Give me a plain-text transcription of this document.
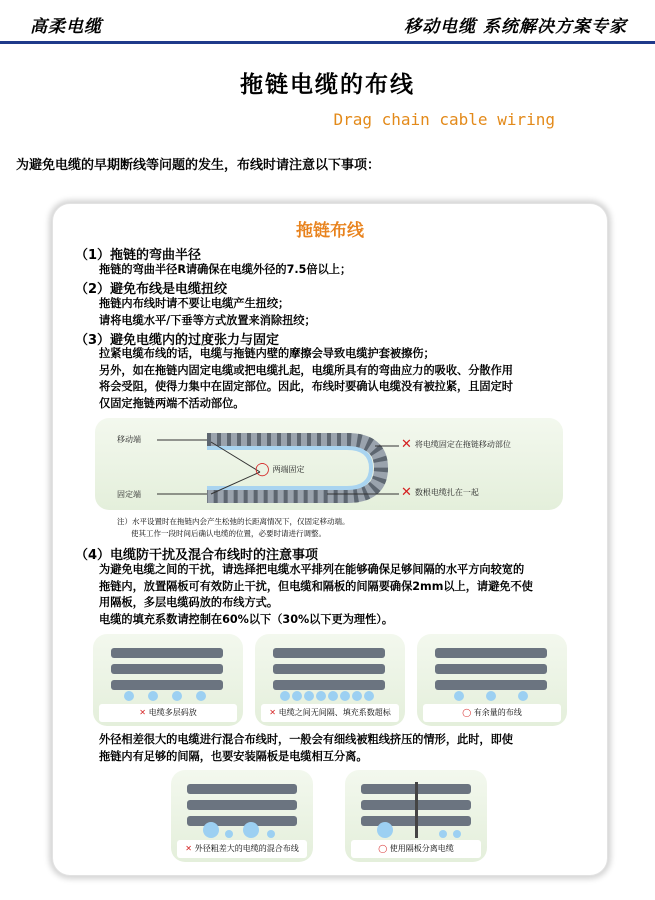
高柔电缆	移动电缆 系统解决方案专家
拖链电缆的布线
Drag chain cable wiring
为避免电缆的早期断线等问题的发生，布线时请注意以下事项：
拖链布线
（1）拖链的弯曲半径
拖链的弯曲半径R请确保在电缆外径的7.5倍以上；
（2）避免布线是电缆扭绞
拖链内布线时请不要让电缆产生扭绞；
请将电缆水平/下垂等方式放置来消除扭绞；
（3）避免电缆内的过度张力与固定
拉紧电缆布线的话，电缆与拖链内壁的摩擦会导致电缆护套被擦伤；
另外，如在拖链内固定电缆或把电缆扎起，电缆所具有的弯曲应力的吸收、分散作用
将会受阻，使得力集中在固定部位。因此，布线时要确认电缆没有被拉紧，且固定时
仅固定拖链两端不活动部位。
移动端
固定端
◯ 两端固定
✕ 将电缆固定在拖链移动部位
✕ 数根电缆扎在一起
注）水平设置时在拖链内会产生松弛的长距离情况下，仅固定移动端。
使其工作一段时间后确认电缆的位置，必要时请进行调整。
（4）电缆防干扰及混合布线时的注意事项
为避免电缆之间的干扰，请选择把电缆水平排列在能够确保足够间隔的水平方向较宽的
拖链内，放置隔板可有效防止干扰，但电缆和隔板的间隔要确保2mm以上，请避免不使
用隔板，多层电缆码放的布线方式。
电缆的填充系数请控制在60%以下（30%以下更为理性）。
✕ 电缆多层码放	✕ 电缆之间无间隔、填充系数超标	◯ 有余量的布线
外径相差很大的电缆进行混合布线时，一般会有细线被粗线挤压的情形，此时，即使
拖链内有足够的间隔，也要安装隔板是电缆相互分离。
✕ 外径粗差大的电缆的混合布线	◯ 使用隔板分离电缆
